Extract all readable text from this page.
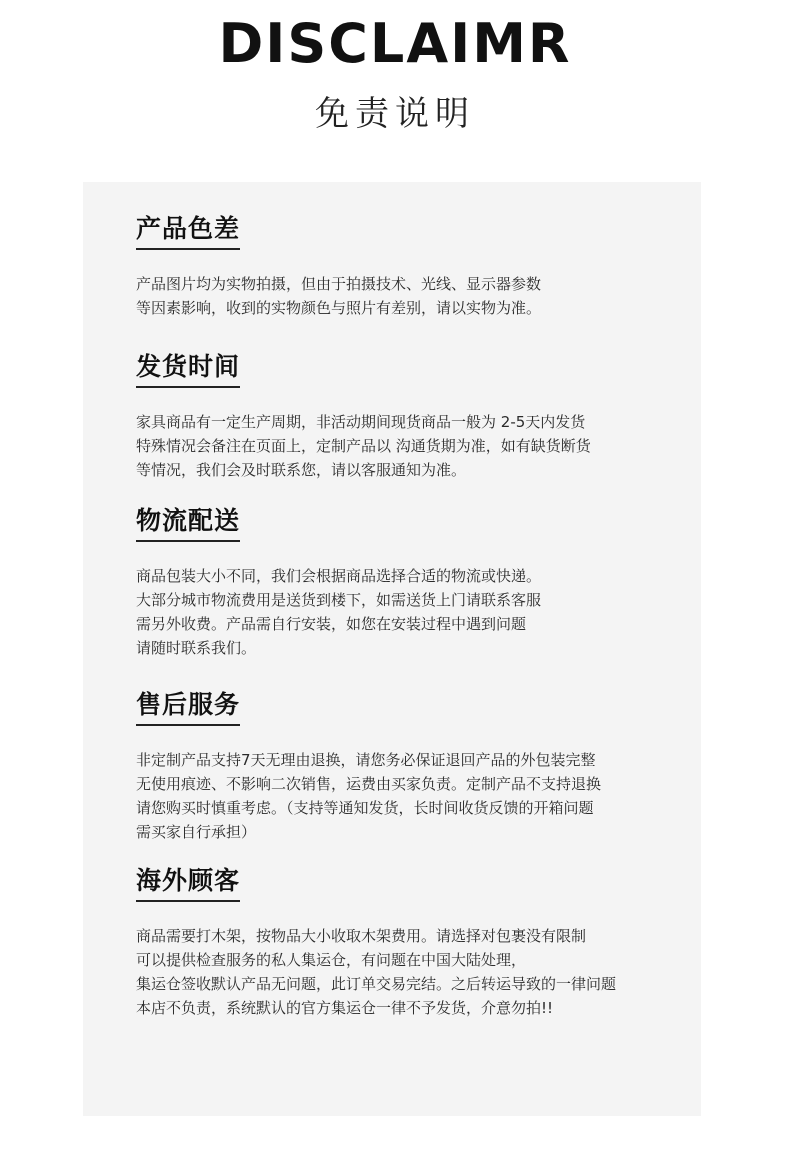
DISCLAIMR
免责说明
产品色差
产品图片均为实物拍摄，但由于拍摄技术、光线、显示器参数
等因素影响，收到的实物颜色与照片有差别，请以实物为准。
发货时间
家具商品有一定生产周期，非活动期间现货商品一般为 2-5天内发货
特殊情况会备注在页面上，定制产品以 沟通货期为准，如有缺货断货
等情况，我们会及时联系您，请以客服通知为准。
物流配送
商品包装大小不同，我们会根据商品选择合适的物流或快递。
大部分城市物流费用是送货到楼下，如需送货上门请联系客服
需另外收费。产品需自行安装，如您在安装过程中遇到问题
请随时联系我们。
售后服务
非定制产品支持7天无理由退换，请您务必保证退回产品的外包装完整
无使用痕迹、不影响二次销售，运费由买家负责。定制产品不支持退换
请您购买时慎重考虑。（支持等通知发货，长时间收货反馈的开箱问题
需买家自行承担）
海外顾客
商品需要打木架，按物品大小收取木架费用。请选择对包裹没有限制
可以提供检查服务的私人集运仓，有问题在中国大陆处理，
集运仓签收默认产品无问题，此订单交易完结。之后转运导致的一律问题
本店不负责，系统默认的官方集运仓一律不予发货，介意勿拍!!
